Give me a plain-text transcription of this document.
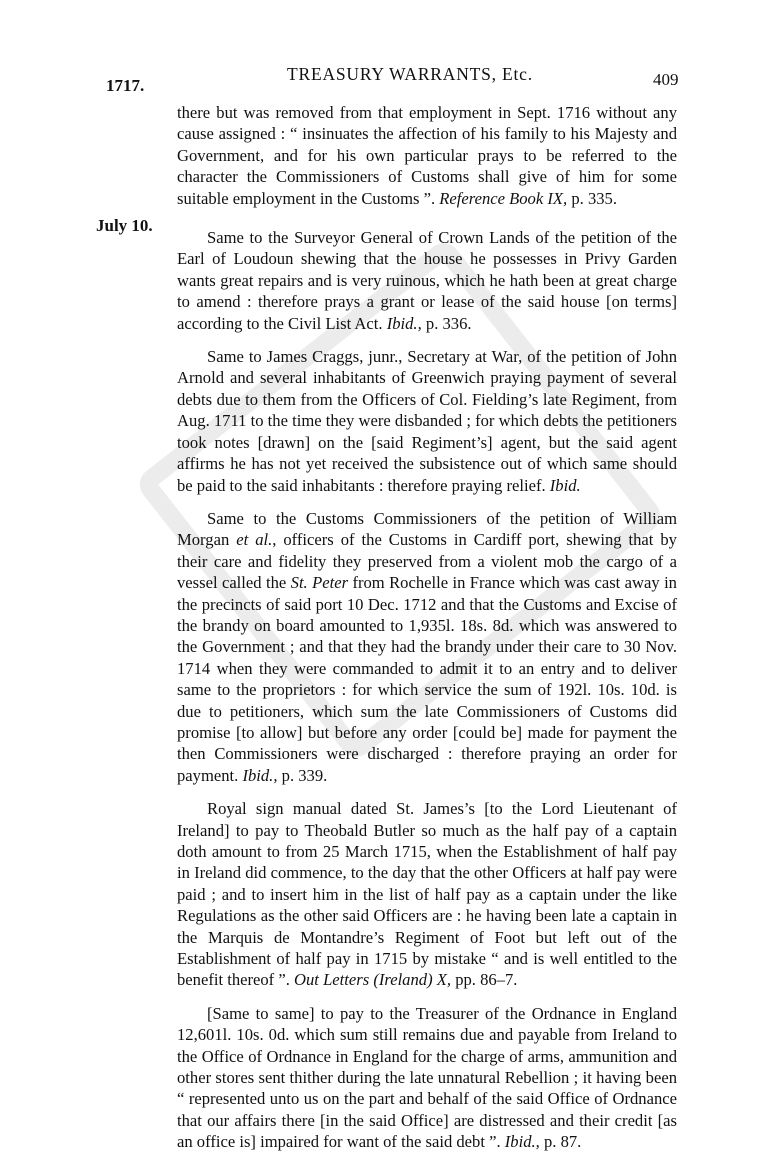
1717.
TREASURY WARRANTS, Etc.	409
July 10.

there but was removed from that employment in Sept. 1716 without any cause assigned : “ insinuates the affection of his family to his Majesty and Government, and for his own particular prays to be referred to the character the Commissioners of Customs shall give of him for some suitable employment in the Customs ”. Reference Book IX, p. 335.

Same to the Surveyor General of Crown Lands of the petition of the Earl of Loudoun shewing that the house he possesses in Privy Garden wants great repairs and is very ruinous, which he hath been at great charge to amend : therefore prays a grant or lease of the said house [on terms] according to the Civil List Act. Ibid., p. 336.

Same to James Craggs, junr., Secretary at War, of the petition of John Arnold and several inhabitants of Greenwich praying payment of several debts due to them from the Officers of Col. Fielding’s late Regiment, from Aug. 1711 to the time they were disbanded ; for which debts the petitioners took notes [drawn] on the [said Regiment’s] agent, but the said agent affirms he has not yet received the subsistence out of which same should be paid to the said inhabitants : therefore praying relief. Ibid.

Same to the Customs Commissioners of the petition of William Morgan et al., officers of the Customs in Cardiff port, shewing that by their care and fidelity they preserved from a violent mob the cargo of a vessel called the St. Peter from Rochelle in France which was cast away in the precincts of said port 10 Dec. 1712 and that the Customs and Excise of the brandy on board amounted to 1,935l. 18s. 8d. which was answered to the Government ; and that they had the brandy under their care to 30 Nov. 1714 when they were commanded to admit it to an entry and to deliver same to the proprietors : for which service the sum of 192l. 10s. 10d. is due to petitioners, which sum the late Commissioners of Customs did promise [to allow] but before any order [could be] made for payment the then Commissioners were discharged : therefore praying an order for payment. Ibid., p. 339.

Royal sign manual dated St. James’s [to the Lord Lieutenant of Ireland] to pay to Theobald Butler so much as the half pay of a captain doth amount to from 25 March 1715, when the Establishment of half pay in Ireland did commence, to the day that the other Officers at half pay were paid ; and to insert him in the list of half pay as a captain under the like Regulations as the other said Officers are : he having been late a captain in the Marquis de Montandre’s Regiment of Foot but left out of the Establishment of half pay in 1715 by mistake “ and is well entitled to the benefit thereof ”. Out Letters (Ireland) X, pp. 86–7.

[Same to same] to pay to the Treasurer of the Ordnance in England 12,601l. 10s. 0d. which sum still remains due and payable from Ireland to the Office of Ordnance in England for the charge of arms, ammunition and other stores sent thither during the late unnatural Rebellion ; it having been “ represented unto us on the part and behalf of the said Office of Ordnance that our affairs there [in the said Office] are distressed and their credit [as an office is] impaired for want of the said debt ”. Ibid., p. 87.
